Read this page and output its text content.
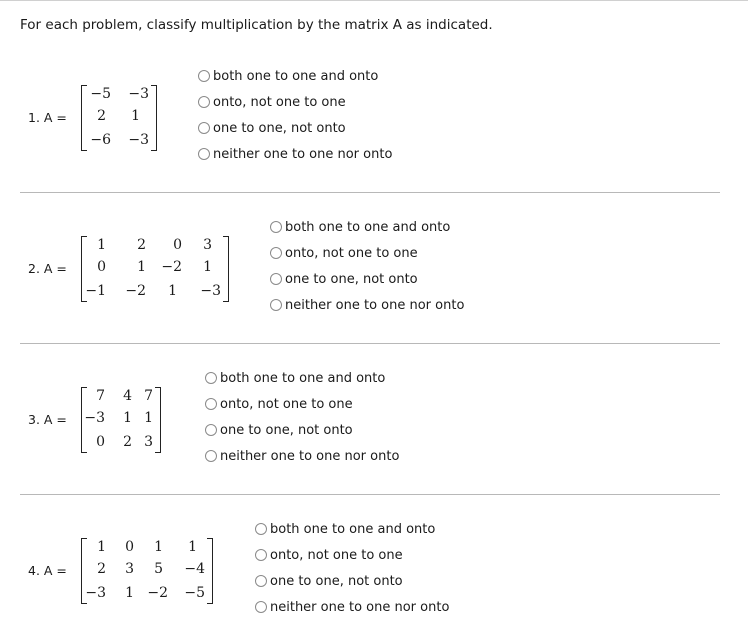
For each problem, classify multiplication by the matrix A as indicated.
1. A =
−5 −3
2 1
−6 −3
both one to one and onto
onto, not one to one
one to one, not onto
neither one to one nor onto
2. A =
1 2 0 3
0 1 −2 1
−1 −2 1 −3
both one to one and onto
onto, not one to one
one to one, not onto
neither one to one nor onto
3. A =
7 4 7
−3 1 1
0 2 3
both one to one and onto
onto, not one to one
one to one, not onto
neither one to one nor onto
4. A =
1 0 1 1
2 3 5 −4
−3 1 −2 −5
both one to one and onto
onto, not one to one
one to one, not onto
neither one to one nor onto
